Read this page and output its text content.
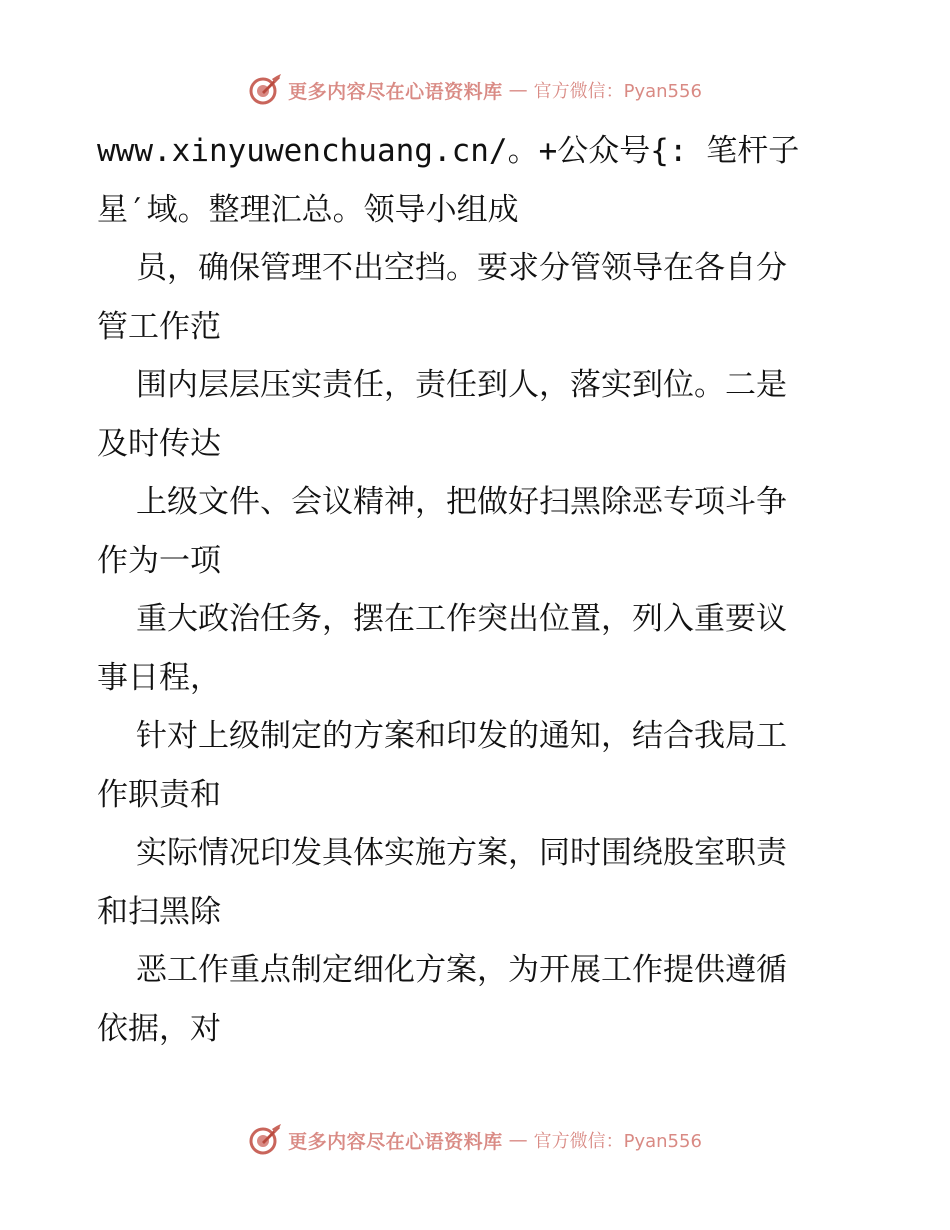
更多内容尽在心语资料库 — 官方微信：Pyan556
www.xinyuwenchuang.cn/。+公众号{: 笔杆子
星′域。整理汇总。领导小组成
员，确保管理不出空挡。要求分管领导在各自分
管工作范
围内层层压实责任，责任到人，落实到位。二是
及时传达
上级文件、会议精神，把做好扫黑除恶专项斗争
作为一项
重大政治任务，摆在工作突出位置，列入重要议
事日程，
针对上级制定的方案和印发的通知，结合我局工
作职责和
实际情况印发具体实施方案，同时围绕股室职责
和扫黑除
恶工作重点制定细化方案，为开展工作提供遵循
依据，对
更多内容尽在心语资料库 — 官方微信：Pyan556
